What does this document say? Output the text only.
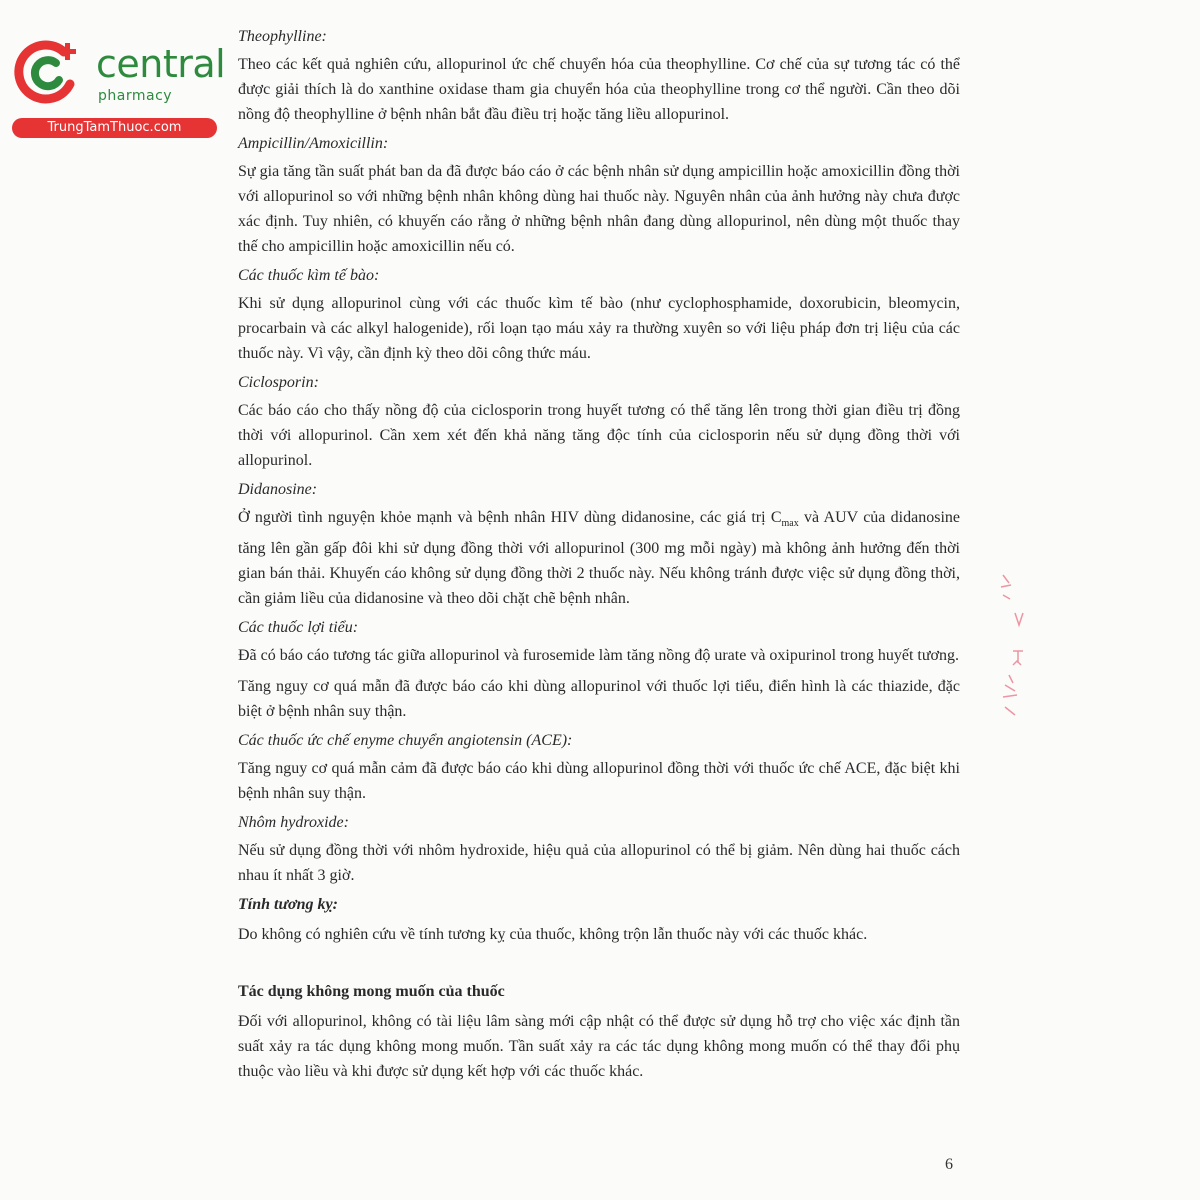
central
pharmacy
TrungTamThuoc.com
Theophylline:

Theo các kết quả nghiên cứu, allopurinol ức chế chuyển hóa của theophylline. Cơ chế của sự tương tác có thể được giải thích là do xanthine oxidase tham gia chuyển hóa của theophylline trong cơ thể người. Cần theo dõi nồng độ theophylline ở bệnh nhân bắt đầu điều trị hoặc tăng liều allopurinol.

Ampicillin/Amoxicillin:

Sự gia tăng tần suất phát ban da đã được báo cáo ở các bệnh nhân sử dụng ampicillin hoặc amoxicillin đồng thời với allopurinol so với những bệnh nhân không dùng hai thuốc này. Nguyên nhân của ảnh hưởng này chưa được xác định. Tuy nhiên, có khuyến cáo rằng ở những bệnh nhân đang dùng allopurinol, nên dùng một thuốc thay thế cho ampicillin hoặc amoxicillin nếu có.

Các thuốc kìm tế bào:

Khi sử dụng allopurinol cùng với các thuốc kìm tế bào (như cyclophosphamide, doxorubicin, bleomycin, procarbain và các alkyl halogenide), rối loạn tạo máu xảy ra thường xuyên so với liệu pháp đơn trị liệu của các thuốc này. Vì vậy, cần định kỳ theo dõi công thức máu.

Ciclosporin:

Các báo cáo cho thấy nồng độ của ciclosporin trong huyết tương có thể tăng lên trong thời gian điều trị đồng thời với allopurinol. Cần xem xét đến khả năng tăng độc tính của ciclosporin nếu sử dụng đồng thời với allopurinol.

Didanosine:

Ở người tình nguyện khỏe mạnh và bệnh nhân HIV dùng didanosine, các giá trị $C_{max}$ và AUV của didanosine tăng lên gần gấp đôi khi sử dụng đồng thời với allopurinol (300 mg mỗi ngày) mà không ảnh hưởng đến thời gian bán thải. Khuyến cáo không sử dụng đồng thời 2 thuốc này. Nếu không tránh được việc sử dụng đồng thời, cần giảm liều của didanosine và theo dõi chặt chẽ bệnh nhân.

Các thuốc lợi tiểu:

Đã có báo cáo tương tác giữa allopurinol và furosemide làm tăng nồng độ urate và oxipurinol trong huyết tương.

Tăng nguy cơ quá mẫn đã được báo cáo khi dùng allopurinol với thuốc lợi tiểu, điển hình là các thiazide, đặc biệt ở bệnh nhân suy thận.

Các thuốc ức chế enyme chuyển angiotensin (ACE):

Tăng nguy cơ quá mẫn cảm đã được báo cáo khi dùng allopurinol đồng thời với thuốc ức chế ACE, đặc biệt khi bệnh nhân suy thận.

Nhôm hydroxide:

Nếu sử dụng đồng thời với nhôm hydroxide, hiệu quả của allopurinol có thể bị giảm. Nên dùng hai thuốc cách nhau ít nhất 3 giờ.

Tính tương kỵ:

Do không có nghiên cứu về tính tương kỵ của thuốc, không trộn lẫn thuốc này với các thuốc khác.

Tác dụng không mong muốn của thuốc

Đối với allopurinol, không có tài liệu lâm sàng mới cập nhật có thể được sử dụng hỗ trợ cho việc xác định tần suất xảy ra tác dụng không mong muốn. Tần suất xảy ra các tác dụng không mong muốn có thể thay đổi phụ thuộc vào liều và khi được sử dụng kết hợp với các thuốc khác.

6
